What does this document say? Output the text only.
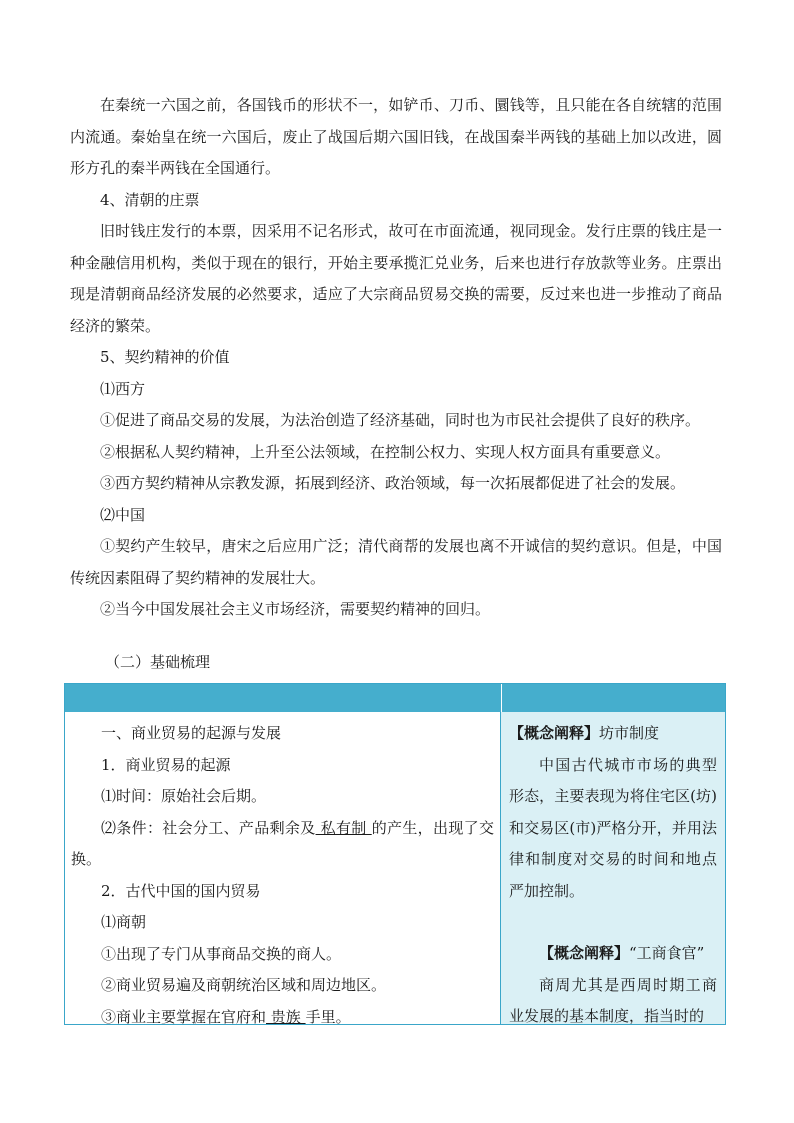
在秦统一六国之前，各国钱币的形状不一，如铲币、刀币、圜钱等，且只能在各自统辖的范围内流通。秦始皇在统一六国后，废止了战国后期六国旧钱，在战国秦半两钱的基础上加以改进，圆形方孔的秦半两钱在全国通行。

4、清朝的庄票

旧时钱庄发行的本票，因采用不记名形式，故可在市面流通，视同现金。发行庄票的钱庄是一种金融信用机构，类似于现在的银行，开始主要承揽汇兑业务，后来也进行存放款等业务。庄票出现是清朝商品经济发展的必然要求，适应了大宗商品贸易交换的需要，反过来也进一步推动了商品经济的繁荣。

5、契约精神的价值

⑴西方

①促进了商品交易的发展，为法治创造了经济基础，同时也为市民社会提供了良好的秩序。

②根据私人契约精神，上升至公法领域，在控制公权力、实现人权方面具有重要意义。

③西方契约精神从宗教发源，拓展到经济、政治领域，每一次拓展都促进了社会的发展。

⑵中国

①契约产生较早，唐宋之后应用广泛；清代商帮的发展也离不开诚信的契约意识。但是，中国传统因素阻碍了契约精神的发展壮大。

②当今中国发展社会主义市场经济，需要契约精神的回归。

（二）基础梳理

一、商业贸易的起源与发展

1．商业贸易的起源

⑴时间：原始社会后期。

⑵条件：社会分工、产品剩余及 私有制 的产生，出现了交换。

2．古代中国的国内贸易

⑴商朝

①出现了专门从事商品交换的商人。

②商业贸易遍及商朝统治区域和周边地区。

③商业主要掌握在官府和 贵族 手里。

【概念阐释】坊市制度

中国古代城市市场的典型形态，主要表现为将住宅区(坊)和交易区(市)严格分开，并用法律和制度对交易的时间和地点严加控制。

【概念阐释】“工商食官”

商周尤其是西周时期工商业发展的基本制度，指当时的
